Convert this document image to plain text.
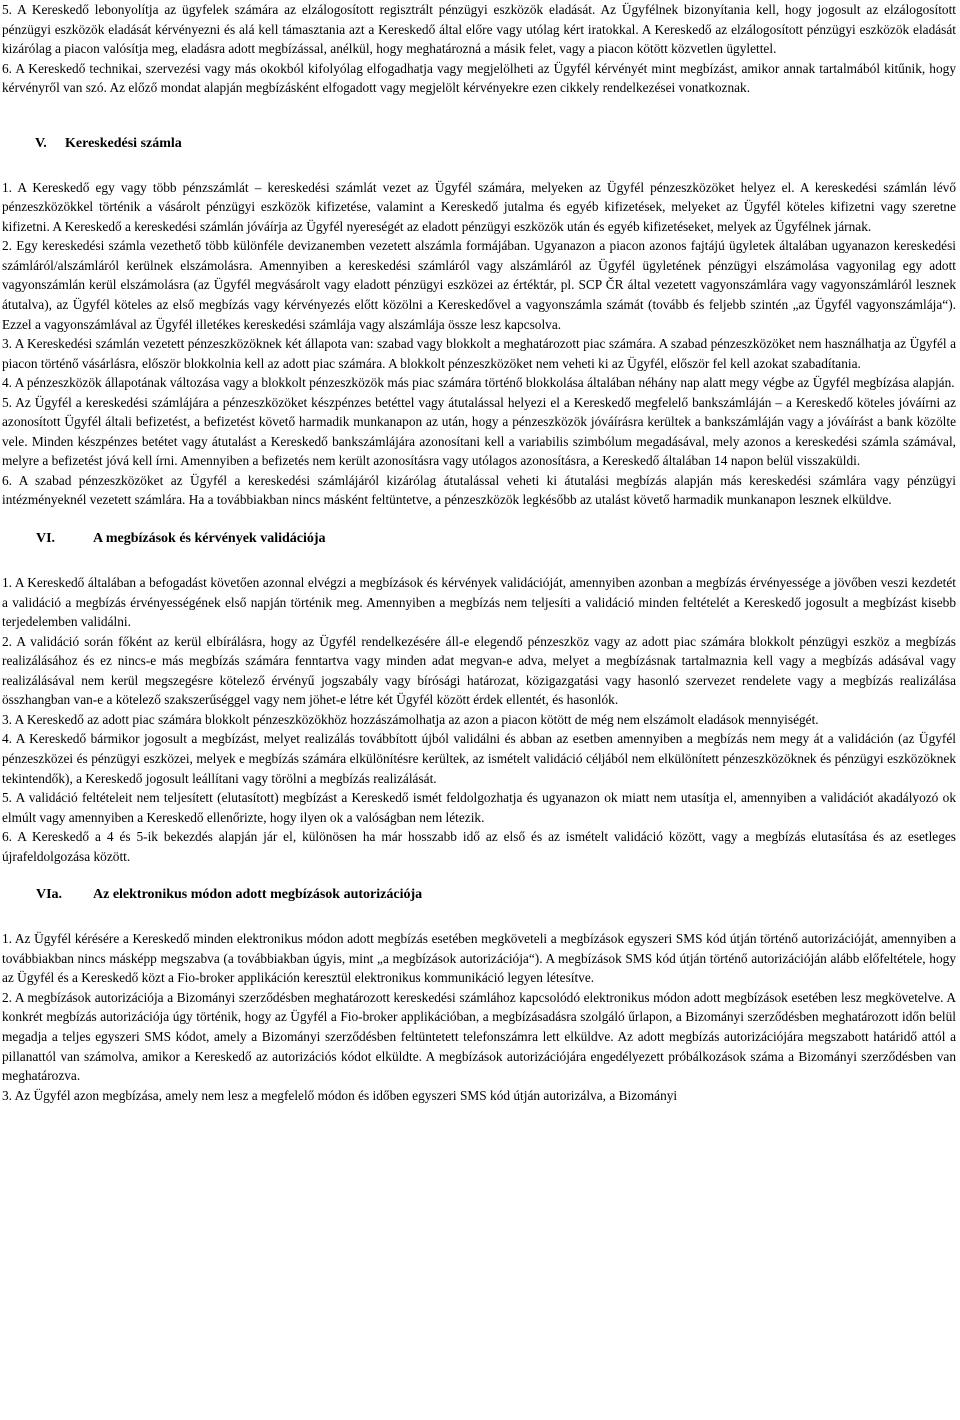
5. A Kereskedő lebonyolítja az ügyfelek számára az elzálogosított regisztrált pénzügyi eszközök eladását. Az Ügyfélnek bizonyítania kell, hogy jogosult az elzálogosított pénzügyi eszközök eladását kérvényezni és alá kell támasztania azt a Kereskedő által előre vagy utólag kért iratokkal. A Kereskedő az elzálogosított pénzügyi eszközök eladását kizárólag a piacon valósítja meg, eladásra adott megbízással, anélkül, hogy meghatározná a másik felet, vagy a piacon kötött közvetlen ügylettel.

6. A Kereskedő technikai, szervezési vagy más okokból kifolyólag elfogadhatja vagy megjelölheti az Ügyfél kérvényét mint megbízást, amikor annak tartalmából kitűnik, hogy kérvényről van szó. Az előző mondat alapján megbízásként elfogadott vagy megjelölt kérvényekre ezen cikkely rendelkezései vonatkoznak.

V. Kereskedési számla

1. A Kereskedő egy vagy több pénzszámlát – kereskedési számlát vezet az Ügyfél számára, melyeken az Ügyfél pénzeszközöket helyez el. A kereskedési számlán lévő pénzeszközökkel történik a vásárolt pénzügyi eszközök kifizetése, valamint a Kereskedő jutalma és egyéb kifizetések, melyeket az Ügyfél köteles kifizetni vagy szeretne kifizetni. A Kereskedő a kereskedési számlán jóváírja az Ügyfél nyereségét az eladott pénzügyi eszközök után és egyéb kifizetéseket, melyek az Ügyfélnek járnak.

2. Egy kereskedési számla vezethető több különféle devizanemben vezetett alszámla formájában. Ugyanazon a piacon azonos fajtájú ügyletek általában ugyanazon kereskedési számláról/alszámláról kerülnek elszámolásra. Amennyiben a kereskedési számláról vagy alszámláról az Ügyfél ügyletének pénzügyi elszámolása vagyonilag egy adott vagyonszámlán kerül elszámolásra (az Ügyfél megvásárolt vagy eladott pénzügyi eszközei az értéktár, pl. SCP ČR által vezetett vagyonszámlára vagy vagyonszámláról lesznek átutalva), az Ügyfél köteles az első megbízás vagy kérvényezés előtt közölni a Kereskedővel a vagyonszámla számát (tovább és feljebb szintén „az Ügyfél vagyonszámlája“). Ezzel a vagyonszámlával az Ügyfél illetékes kereskedési számlája vagy alszámlája össze lesz kapcsolva.

3. A Kereskedési számlán vezetett pénzeszközöknek két állapota van: szabad vagy blokkolt a meghatározott piac számára. A szabad pénzeszközöket nem használhatja az Ügyfél a piacon történő vásárlásra, először blokkolnia kell az adott piac számára. A blokkolt pénzeszközöket nem veheti ki az Ügyfél, először fel kell azokat szabadítania.

4. A pénzeszközök állapotának változása vagy a blokkolt pénzeszközök más piac számára történő blokkolása általában néhány nap alatt megy végbe az Ügyfél megbízása alapján.

5. Az Ügyfél a kereskedési számlájára a pénzeszközöket készpénzes betéttel vagy átutalással helyezi el a Kereskedő megfelelő bankszámláján – a Kereskedő köteles jóváírni az azonosított Ügyfél általi befizetést, a befizetést követő harmadik munkanapon az után, hogy a pénzeszközök jóváírásra kerültek a bankszámláján vagy a jóváírást a bank közölte vele. Minden készpénzes betétet vagy átutalást a Kereskedő bankszámlájára azonosítani kell a variabilis szimbólum megadásával, mely azonos a kereskedési számla számával, melyre a befizetést jóvá kell írni. Amennyiben a befizetés nem került azonosításra vagy utólagos azonosításra, a Kereskedő általában 14 napon belül visszaküldi.

6. A szabad pénzeszközöket az Ügyfél a kereskedési számlájáról kizárólag átutalással veheti ki átutalási megbízás alapján más kereskedési számlára vagy pénzügyi intézményeknél vezetett számlára. Ha a továbbiakban nincs másként feltüntetve, a pénzeszközök legkésőbb az utalást követő harmadik munkanapon lesznek elküldve.

VI.	A megbízások és kérvények validációja

1. A Kereskedő általában a befogadást követően azonnal elvégzi a megbízások és kérvények validációját, amennyiben azonban a megbízás érvényessége a jövőben veszi kezdetét a validáció a megbízás érvényességének első napján történik meg. Amennyiben a megbízás nem teljesíti a validáció minden feltételét a Kereskedő jogosult a megbízást kisebb terjedelemben validálni.

2. A validáció során főként az kerül elbírálásra, hogy az Ügyfél rendelkezésére áll-e elegendő pénzeszköz vagy az adott piac számára blokkolt pénzügyi eszköz a megbízás realizálásához és ez nincs-e más megbízás számára fenntartva vagy minden adat megvan-e adva, melyet a megbízásnak tartalmaznia kell vagy a megbízás adásával vagy realizálásával nem kerül megszegésre kötelező érvényű jogszabály vagy bírósági határozat, közigazgatási vagy hasonló szervezet rendelete vagy a megbízás realizálása összhangban van-e a kötelező szakszerűséggel vagy nem jöhet-e létre két Ügyfél között érdek ellentét, és hasonlók.

3. A Kereskedő az adott piac számára blokkolt pénzeszközökhöz hozzászámolhatja az azon a piacon kötött de még nem elszámolt eladások mennyiségét.

4. A Kereskedő bármikor jogosult a megbízást, melyet realizálás továbbított újból validálni és abban az esetben amennyiben a megbízás nem megy át a validáción (az Ügyfél pénzeszközei és pénzügyi eszközei, melyek e megbízás számára elkülönítésre kerültek, az ismételt validáció céljából nem elkülönített pénzeszközöknek és pénzügyi eszközöknek tekintendők), a Kereskedő jogosult leállítani vagy törölni a megbízás realizálását.

5. A validáció feltételeit nem teljesített (elutasított) megbízást a Kereskedő ismét feldolgozhatja és ugyanazon ok miatt nem utasítja el, amennyiben a validációt akadályozó ok elmúlt vagy amennyiben a Kereskedő ellenőrizte, hogy ilyen ok a valóságban nem létezik.

6. A Kereskedő a 4 és 5-ik bekezdés alapján jár el, különösen ha már hosszabb idő az első és az ismételt validáció között, vagy a megbízás elutasítása és az esetleges újrafeldolgozása között.

VIa. Az elektronikus módon adott megbízások autorizációja

1. Az Ügyfél kérésére a Kereskedő minden elektronikus módon adott megbízás esetében megköveteli a megbízások egyszeri SMS kód útján történő autorizációját, amennyiben a továbbiakban nincs másképp megszabva (a továbbiakban úgyis, mint „a megbízások autorizációja“). A megbízások SMS kód útján történő autorizációján alább előfeltétele, hogy az Ügyfél és a Kereskedő közt a Fio-broker applikáción keresztül elektronikus kommunikáció legyen létesítve.

2. A megbízások autorizációja a Bizományi szerződésben meghatározott kereskedési számlához kapcsolódó elektronikus módon adott megbízások esetében lesz megkövetelve. A konkrét megbízás autorizációja úgy történik, hogy az Ügyfél a Fio-broker applikációban, a megbízásadásra szolgáló űrlapon, a Bizományi szerződésben meghatározott időn belül megadja a teljes egyszeri SMS kódot, amely a Bizományi szerződésben feltüntetett telefonszámra lett elküldve. Az adott megbízás autorizációjára megszabott határidő attól a pillanattól van számolva, amikor a Kereskedő az autorizációs kódot elküldte. A megbízások autorizációjára engedélyezett próbálkozások száma a Bizományi szerződésben van meghatározva.

3. Az Ügyfél azon megbízása, amely nem lesz a megfelelő módon és időben egyszeri SMS kód útján autorizálva, a Bizományi
